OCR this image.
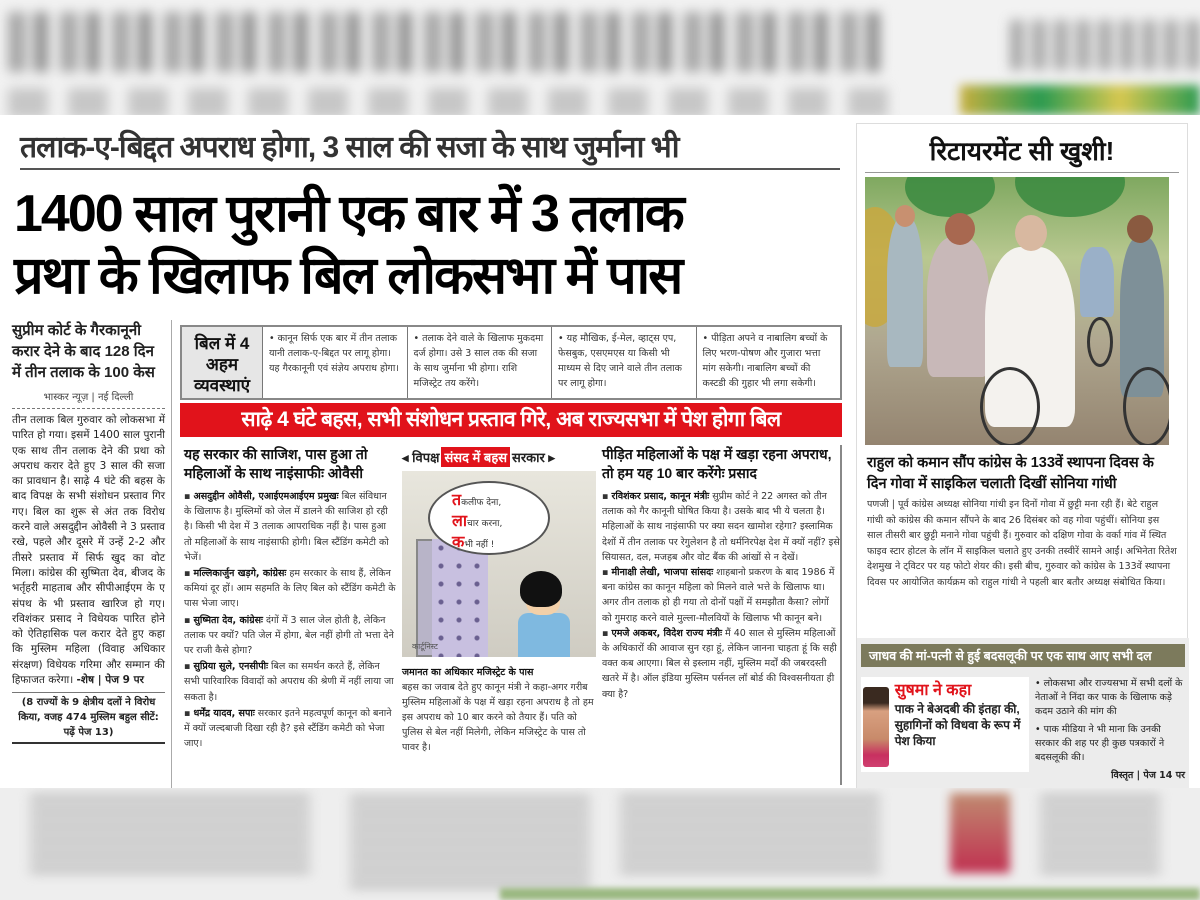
तलाक-ए-बिद्दत अपराध होगा, 3 साल की सजा के साथ जुर्माना भी
1400 साल पुरानी एक बार में 3 तलाक
प्रथा के खिलाफ बिल लोकसभा में पास
सुप्रीम कोर्ट के गैरकानूनी करार देने के बाद 128 दिन में तीन तलाक के 100 केस
भास्कर न्यूज़ | नई दिल्ली
तीन तलाक बिल गुरुवार को लोकसभा में पारित हो गया। इसमें 1400 साल पुरानी एक साथ तीन तलाक देने की प्रथा को अपराध करार देते हुए 3 साल की सजा का प्रावधान है। साढ़े 4 घंटे की बहस के बाद विपक्ष के सभी संशोधन प्रस्ताव गिर गए। बिल का शुरू से अंत तक विरोध करने वाले असदुद्दीन ओवैसी ने 3 प्रस्ताव रखे, पहले और दूसरे में उन्हें 2-2 और तीसरे प्रस्ताव में सिर्फ खुद का वोट मिला। कांग्रेस की सुष्मिता देव, बीजद के भर्तृहरी माहताब और सीपीआईएम के ए संपथ के भी प्रस्ताव खारिज हो गए। रविशंकर प्रसाद ने विधेयक पारित होने को ऐतिहासिक पल करार देते हुए कहा कि मुस्लिम महिला (विवाह अधिकार संरक्षण) विधेयक गरिमा और सम्मान की हिफाजत करेगा। -शेष | पेज 9 पर
(8 राज्यों के 9 क्षेत्रीय दलों ने विरोध किया, वजह 474 मुस्लिम बहुल सीटें: पढ़ें पेज 13)
बिल में 4 अहम व्यवस्थाएं
• कानून सिर्फ एक बार में तीन तलाक यानी तलाक-ए-बिद्दत पर लागू होगा। यह गैरकानूनी एवं संज्ञेय अपराध होगा।
• तलाक देने वाले के खिलाफ मुकदमा दर्ज होगा। उसे 3 साल तक की सजा के साथ जुर्माना भी होगा। राशि मजिस्ट्रेट तय करेंगे।
• यह मौखिक, ई-मेल, व्हाट्स एप, फेसबुक, एसएमएस या किसी भी माध्यम से दिए जाने वाले तीन तलाक पर लागू होगा।
• पीड़िता अपने व नाबालिग बच्चों के लिए भरण-पोषण और गुजारा भत्ता मांग सकेगी। नाबालिग बच्चों की कस्टडी की गुहार भी लगा सकेगी।
साढ़े 4 घंटे बहस, सभी संशोधन प्रस्ताव गिरे, अब राज्यसभा में पेश होगा बिल
यह सरकार की साजिश, पास हुआ तो महिलाओं के साथ नाइंसाफीः ओवैसी
▪ असदुद्दीन ओवैसी, एआईएमआईएम प्रमुखः बिल संविधान के खिलाफ है। मुस्लिमों को जेल में डालने की साजिश हो रही है। किसी भी देश में 3 तलाक आपराधिक नहीं है। पास हुआ तो महिलाओं के साथ नाइंसाफी होगी। बिल स्टैंडिंग कमेटी को भेजें।
▪ मल्लिकार्जुन खड़गे, कांग्रेसः हम सरकार के साथ हैं, लेकिन कमियां दूर हों। आम सहमति के लिए बिल को स्टैंडिंग कमेटी के पास भेजा जाए।
▪ सुष्मिता देव, कांग्रेसः दंगों में 3 साल जेल होती है, लेकिन तलाक पर क्यों? पति जेल में होगा, बेल नहीं होगी तो भत्ता देने पर राजी कैसे होगा?
▪ सुप्रिया सुले, एनसीपीः बिल का समर्थन करते हैं, लेकिन सभी पारिवारिक विवादों को अपराध की श्रेणी में नहीं लाया जा सकता है।
▪ धर्मेंद्र यादव, सपाः सरकार इतने महत्वपूर्ण कानून को बनाने में क्यों जल्दबाजी दिखा रही है? इसे स्टैंडिंग कमेटी को भेजा जाए।
◂ विपक्ष संसद में बहस सरकार ▸
तकलीफ देना,
लाचार करना,
कभी नहीं !
कार्टूनिस्ट
जमानत का अधिकार मजिस्ट्रेट के पास
बहस का जवाब देते हुए कानून मंत्री ने कहा-अगर गरीब मुस्लिम महिलाओं के पक्ष में खड़ा रहना अपराध है तो हम इस अपराध को 10 बार करने को तैयार हैं। पति को पुलिस से बेल नहीं मिलेगी, लेकिन मजिस्ट्रेट के पास तो पावर है।
पीड़ित महिलाओं के पक्ष में खड़ा रहना अपराध, तो हम यह 10 बार करेंगेः प्रसाद
▪ रविशंकर प्रसाद, कानून मंत्रीः सुप्रीम कोर्ट ने 22 अगस्त को तीन तलाक को गैर कानूनी घोषित किया है। उसके बाद भी ये चलता है। महिलाओं के साथ नाइंसाफी पर क्या सदन खामोश रहेगा? इस्लामिक देशों में तीन तलाक पर रेगुलेशन है तो धर्मनिरपेक्ष देश में क्यों नहीं? इसे सियासत, दल, मजहब और वोट बैंक की आंखों से न देखें।
▪ मीनाक्षी लेखी, भाजपा सांसदः शाहबानो प्रकरण के बाद 1986 में बना कांग्रेस का कानून महिला को मिलने वाले भत्ते के खिलाफ था। अगर तीन तलाक हो ही गया तो दोनों पक्षों में समझौता कैसा? लोगों को गुमराह करने वाले मुल्ला-मौलवियों के खिलाफ भी कानून बने।
▪ एमजे अकबर, विदेश राज्य मंत्रीः मैं 40 साल से मुस्लिम महिलाओं के अधिकारों की आवाज सुन रहा हूं, लेकिन जानना चाहता हूं कि सही वक्त कब आएगा। बिल से इस्लाम नहीं, मुस्लिम मर्दों की जबरदस्ती खतरे में है। ऑल इंडिया मुस्लिम पर्सनल लॉ बोर्ड की विश्वसनीयता ही क्या है?
रिटायरमेंट सी खुशी!
राहुल को कमान सौंप कांग्रेस के 133वें स्थापना दिवस के दिन गोवा में साइकिल चलाती दिखीं सोनिया गांधी
पणजी | पूर्व कांग्रेस अध्यक्ष सोनिया गांधी इन दिनों गोवा में छुट्टी मना रही हैं। बेटे राहुल गांधी को कांग्रेस की कमान सौंपने के बाद 26 दिसंबर को वह गोवा पहुंचीं। सोनिया इस साल तीसरी बार छुट्टी मनाने गोवा पहुंची हैं। गुरुवार को दक्षिण गोवा के वर्का गांव में स्थित फाइव स्टार होटल के लॉन में साइकिल चलाते हुए उनकी तस्वीरें सामने आईं। अभिनेता रितेश देशमुख ने ट्विटर पर यह फोटो शेयर की। इसी बीच, गुरुवार को कांग्रेस के 133वें स्थापना दिवस पर आयोजित कार्यक्रम को राहुल गांधी ने पहली बार बतौर अध्यक्ष संबोधित किया।
जाधव की मां-पत्नी से हुई बदसलूकी पर एक साथ आए सभी दल
सुषमा ने कहा
पाक ने बेअदबी की इंतहा की, सुहागिनों को विधवा के रूप में पेश किया
• लोकसभा और राज्यसभा में सभी दलों के नेताओं ने निंदा कर पाक के खिलाफ कड़े कदम उठाने की मांग की
• पाक मीडिया ने भी माना कि उनकी सरकार की शह पर ही कुछ पत्रकारों ने बदसलूकी की।
विस्तृत | पेज 14 पर
